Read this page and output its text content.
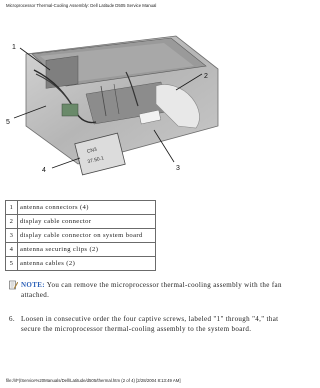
Microprocessor Thermal-Cooling Assembly: Dell Latitude D505 Service Manual
CN3
37.50.1
1
2
3
4
5
1	antenna connectors (4)
2	display cable connector
3	display cable connector on system board
4	antenna securing clips (2)
5	antenna cables (2)
NOTE: You can remove the microprocessor thermal-cooling assembly with the fan attached.
6. Loosen in consecutive order the four captive screws, labeled "1" through "4," that secure the microprocessor thermal-cooling assembly to the system board.
file:///F|/Service%20Manuals/Dell/Latitude/d505/thermal.htm (2 of 4) [2/28/2004 8:13:49 AM]
